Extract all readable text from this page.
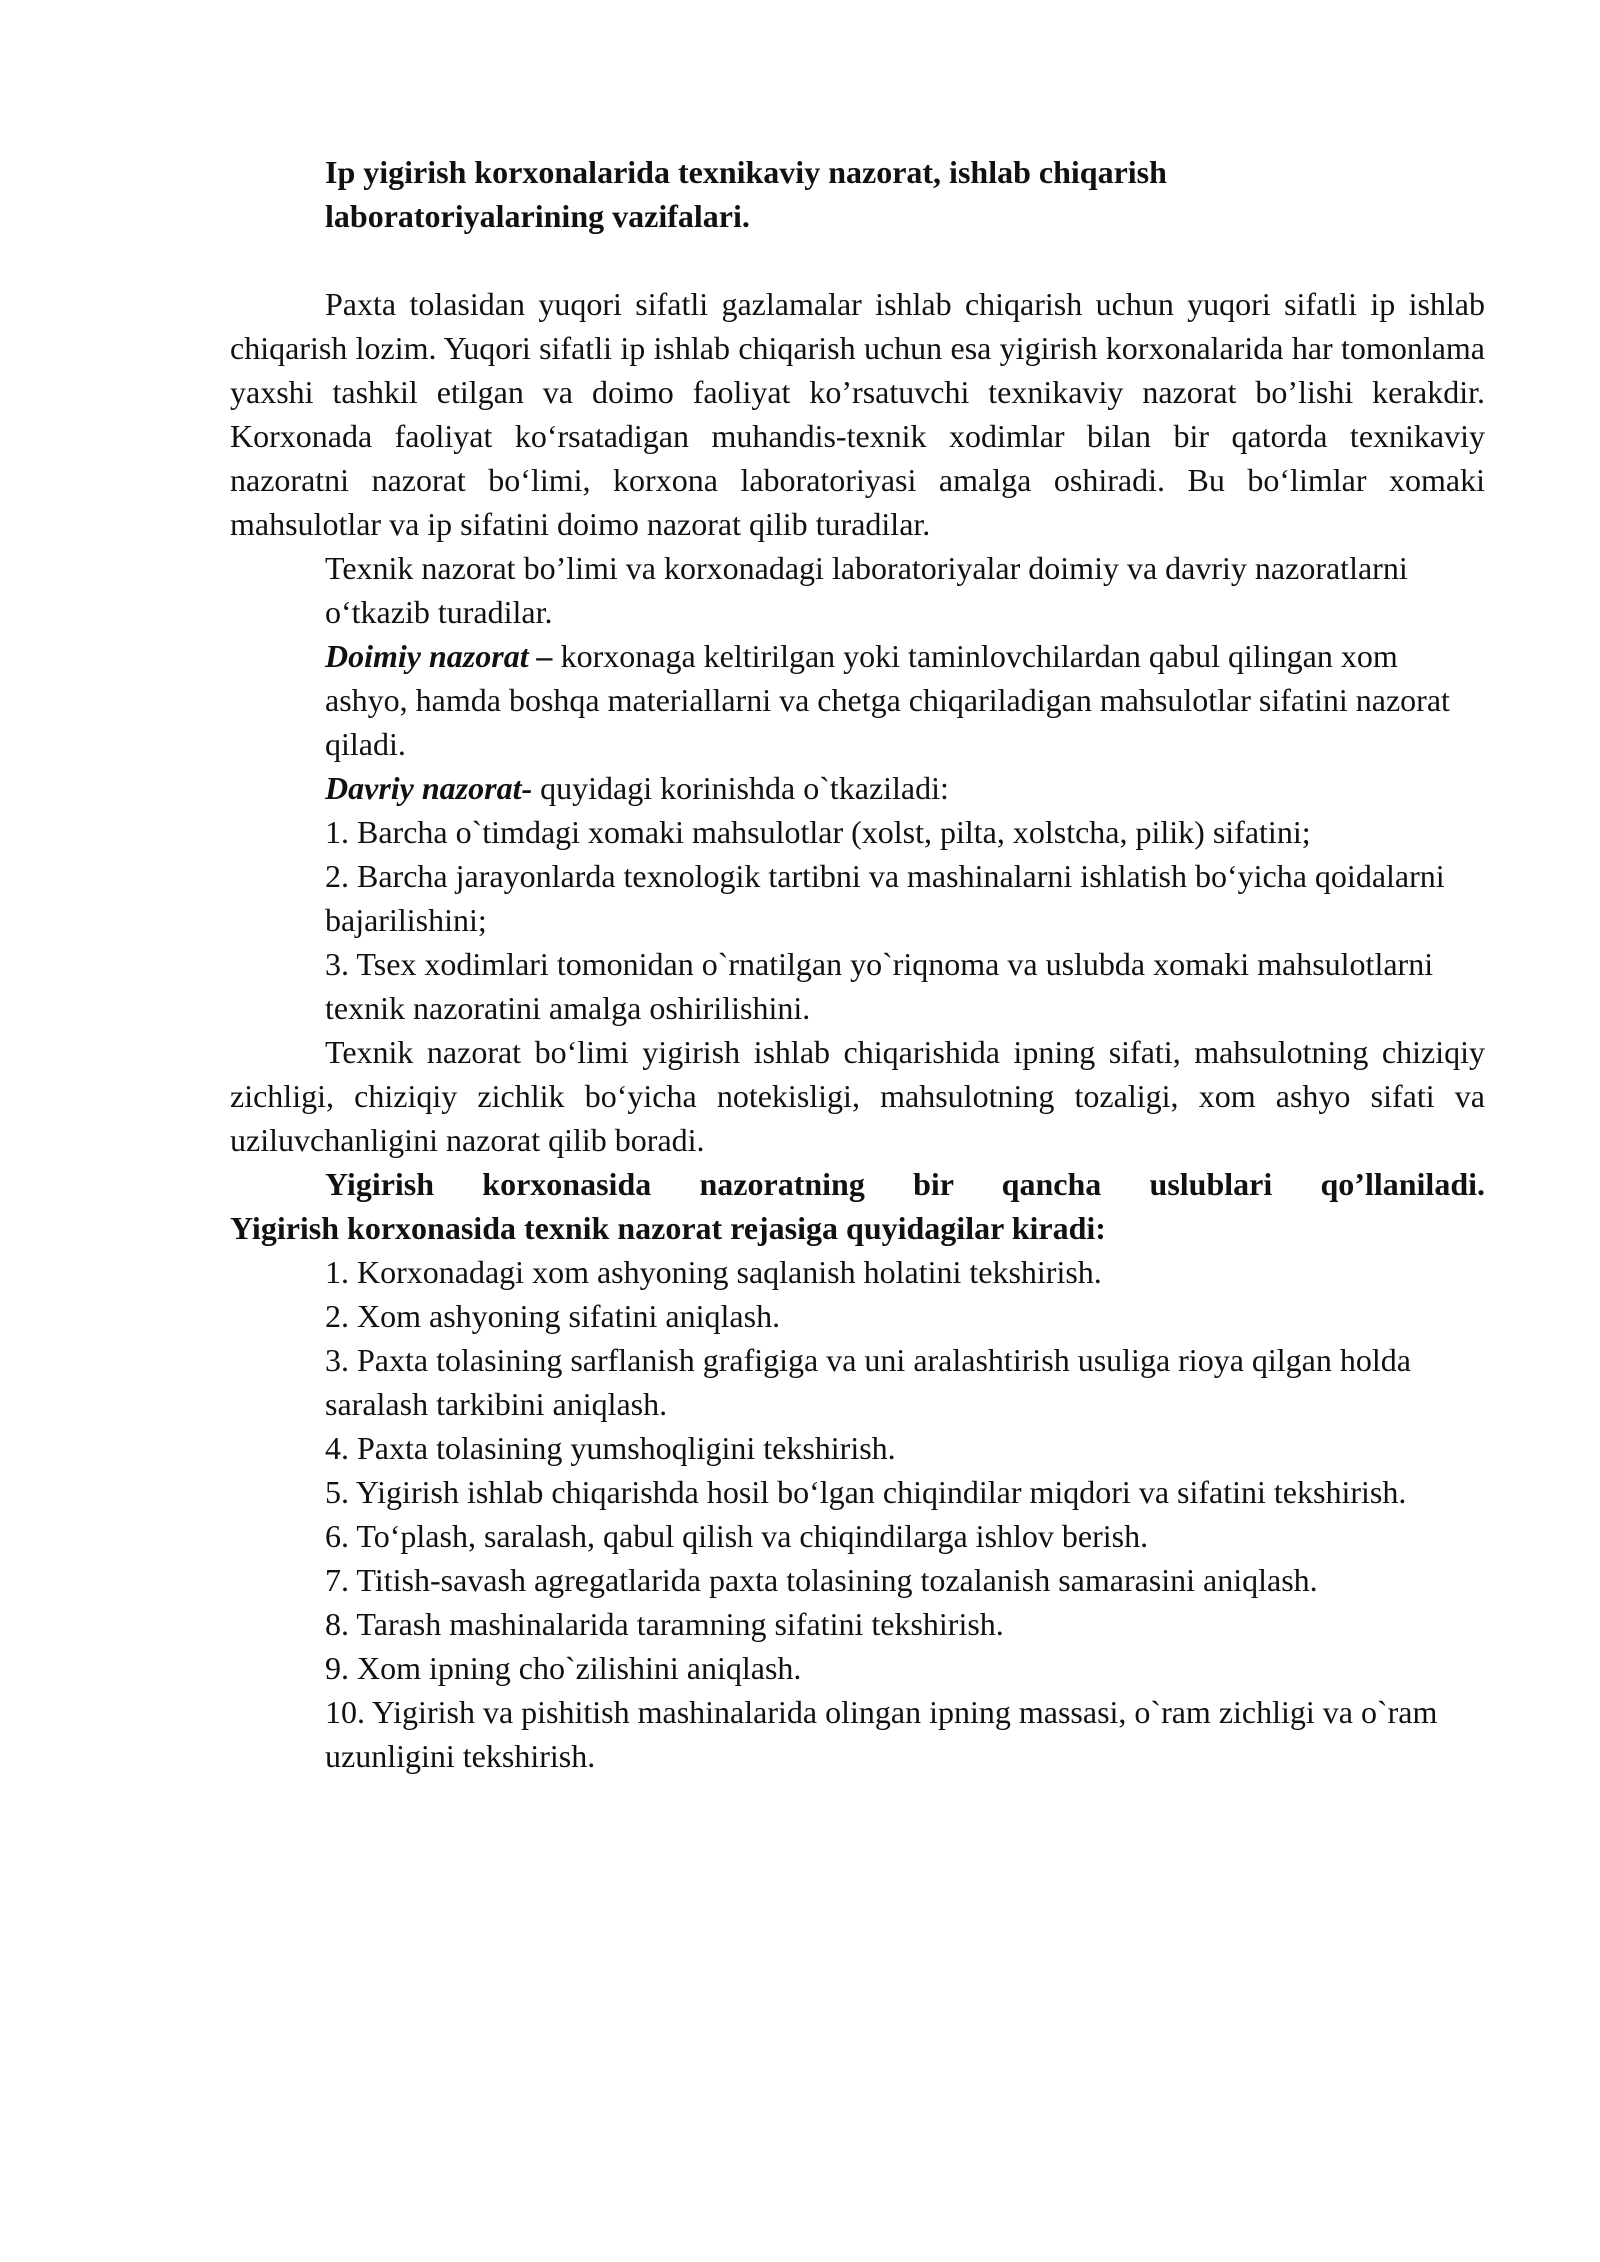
Ip yigirish korxonalarida texnikaviy nazorat, ishlab chiqarish laboratoriyalarining vazifalari.

Paxta tolasidan yuqori sifatli gazlamalar ishlab chiqarish uchun yuqori sifatli ip ishlab chiqarish lozim. Yuqori sifatli ip ishlab chiqarish uchun esa yigirish korxonalarida har tomonlama yaxshi tashkil etilgan va doimo faoliyat ko’rsatuvchi texnikaviy nazorat bo’lishi kerakdir. Korxonada faoliyat koʻrsatadigan muhandis-texnik xodimlar bilan bir qatorda texnikaviy nazoratni nazorat boʻlimi, korxona laboratoriyasi amalga oshiradi. Bu boʻlimlar xomaki mahsulotlar va ip sifatini doimo nazorat qilib turadilar.

Texnik nazorat bo’limi va korxonadagi laboratoriyalar doimiy va davriy nazoratlarni oʻtkazib turadilar.

Doimiy nazorat – korxonaga keltirilgan yoki taminlovchilardan qabul qilingan xom ashyo, hamda boshqa materiallarni va chetga chiqariladigan mahsulotlar sifatini nazorat qiladi.

Davriy nazorat- quyidagi korinishda o`tkaziladi:

1. Barcha o`timdagi xomaki mahsulotlar (xolst, pilta, xolstcha, pilik) sifatini;

2. Barcha jarayonlarda texnologik tartibni va mashinalarni ishlatish boʻyicha qoidalarni bajarilishini;

3. Tsex xodimlari tomonidan o`rnatilgan yo`riqnoma va uslubda xomaki mahsulotlarni texnik nazoratini amalga oshirilishini.

Texnik nazorat boʻlimi yigirish ishlab chiqarishida ipning sifati, mahsulotning chiziqiy zichligi, chiziqiy zichlik boʻyicha notekisligi, mahsulotning tozaligi, xom ashyo sifati va uziluvchanligini nazorat qilib boradi.

Yigirish korxonasida nazoratning bir qancha uslublari qo’llaniladi.

Yigirish korxonasida texnik nazorat rejasiga quyidagilar kiradi:

1. Korxonadagi xom ashyoning saqlanish holatini tekshirish.

2. Xom ashyoning sifatini aniqlash.

3. Paxta tolasining sarflanish grafigiga va uni aralashtirish usuliga rioya qilgan holda saralash tarkibini aniqlash.

4. Paxta tolasining yumshoqligini tekshirish.

5. Yigirish ishlab chiqarishda hosil boʻlgan chiqindilar miqdori va sifatini tekshirish.

6. Toʻplash, saralash, qabul qilish va chiqindilarga ishlov berish.

7. Titish-savash agregatlarida paxta tolasining tozalanish samarasini aniqlash.

8. Tarash mashinalarida taramning sifatini tekshirish.

9. Xom ipning cho`zilishini aniqlash.

10. Yigirish va pishitish mashinalarida olingan ipning massasi, o`ram zichligi va o`ram uzunligini tekshirish.
